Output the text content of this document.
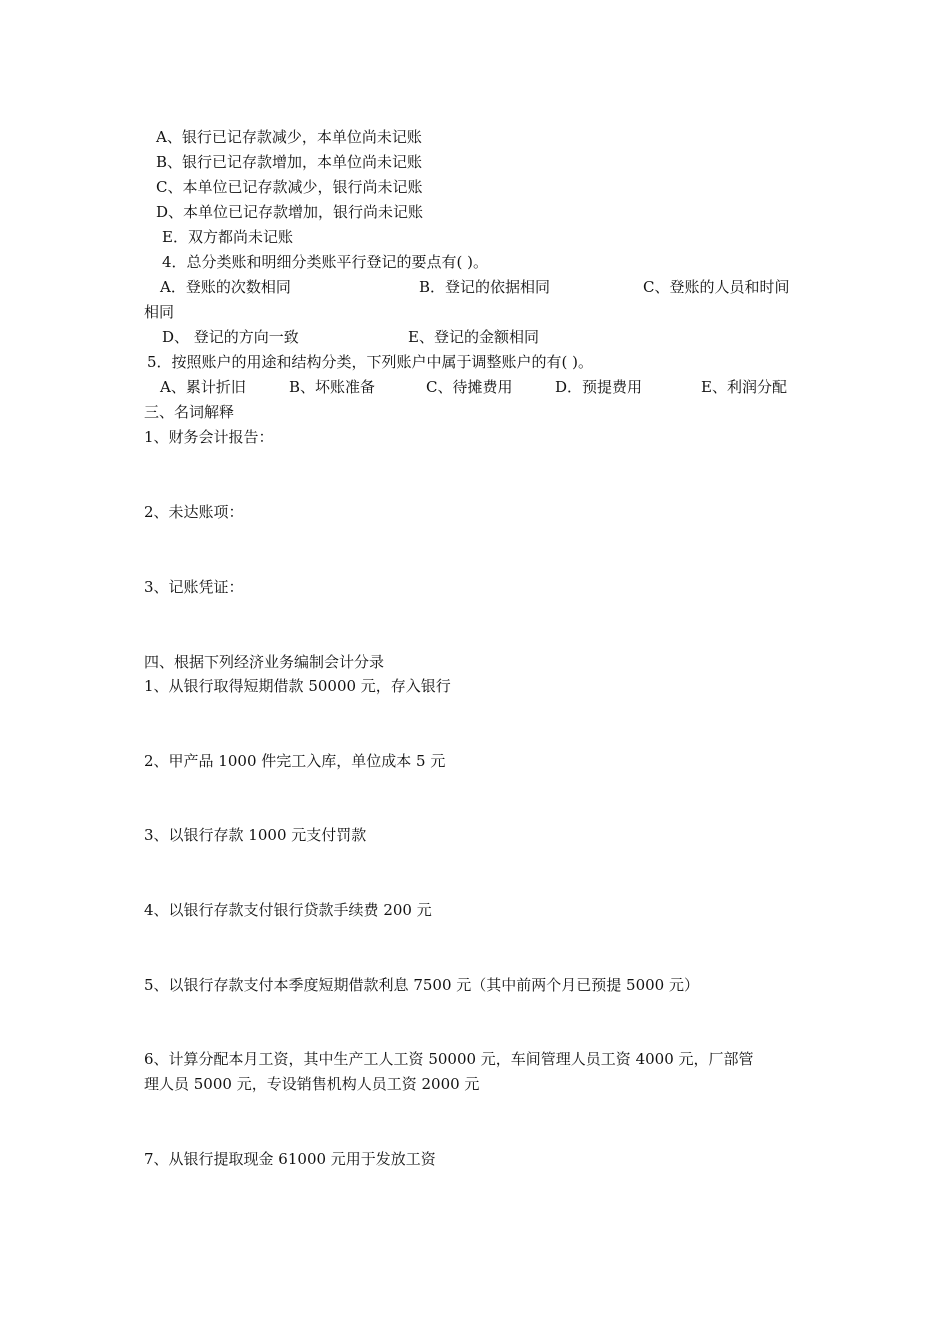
A、银行已记存款减少，本单位尚未记账
B、银行已记存款增加，本单位尚未记账
C、本单位已记存款减少，银行尚未记账
D、本单位已记存款增加，银行尚未记账
E．双方都尚未记账
4．总分类账和明细分类账平行登记的要点有( )。
A．登账的次数相同	B．登记的依据相同	C、登账的人员和时间
相同
D、 登记的方向一致	E、登记的金额相同
5．按照账户的用途和结构分类，下列账户中属于调整账户的有( )。
A、累计折旧	B、坏账准备	C、待摊费用	D．预提费用	E、利润分配
三、名词解释
1、财务会计报告：
2、未达账项：
3、记账凭证：
四、根据下列经济业务编制会计分录
1、从银行取得短期借款 50000 元，存入银行
2、甲产品 1000 件完工入库，单位成本 5 元
3、以银行存款 1000 元支付罚款
4、以银行存款支付银行贷款手续费 200 元
5、以银行存款支付本季度短期借款利息 7500 元（其中前两个月已预提 5000 元）
6、计算分配本月工资，其中生产工人工资 50000 元，车间管理人员工资 4000 元，厂部管
理人员 5000 元，专设销售机构人员工资 2000 元
7、从银行提取现金 61000 元用于发放工资
